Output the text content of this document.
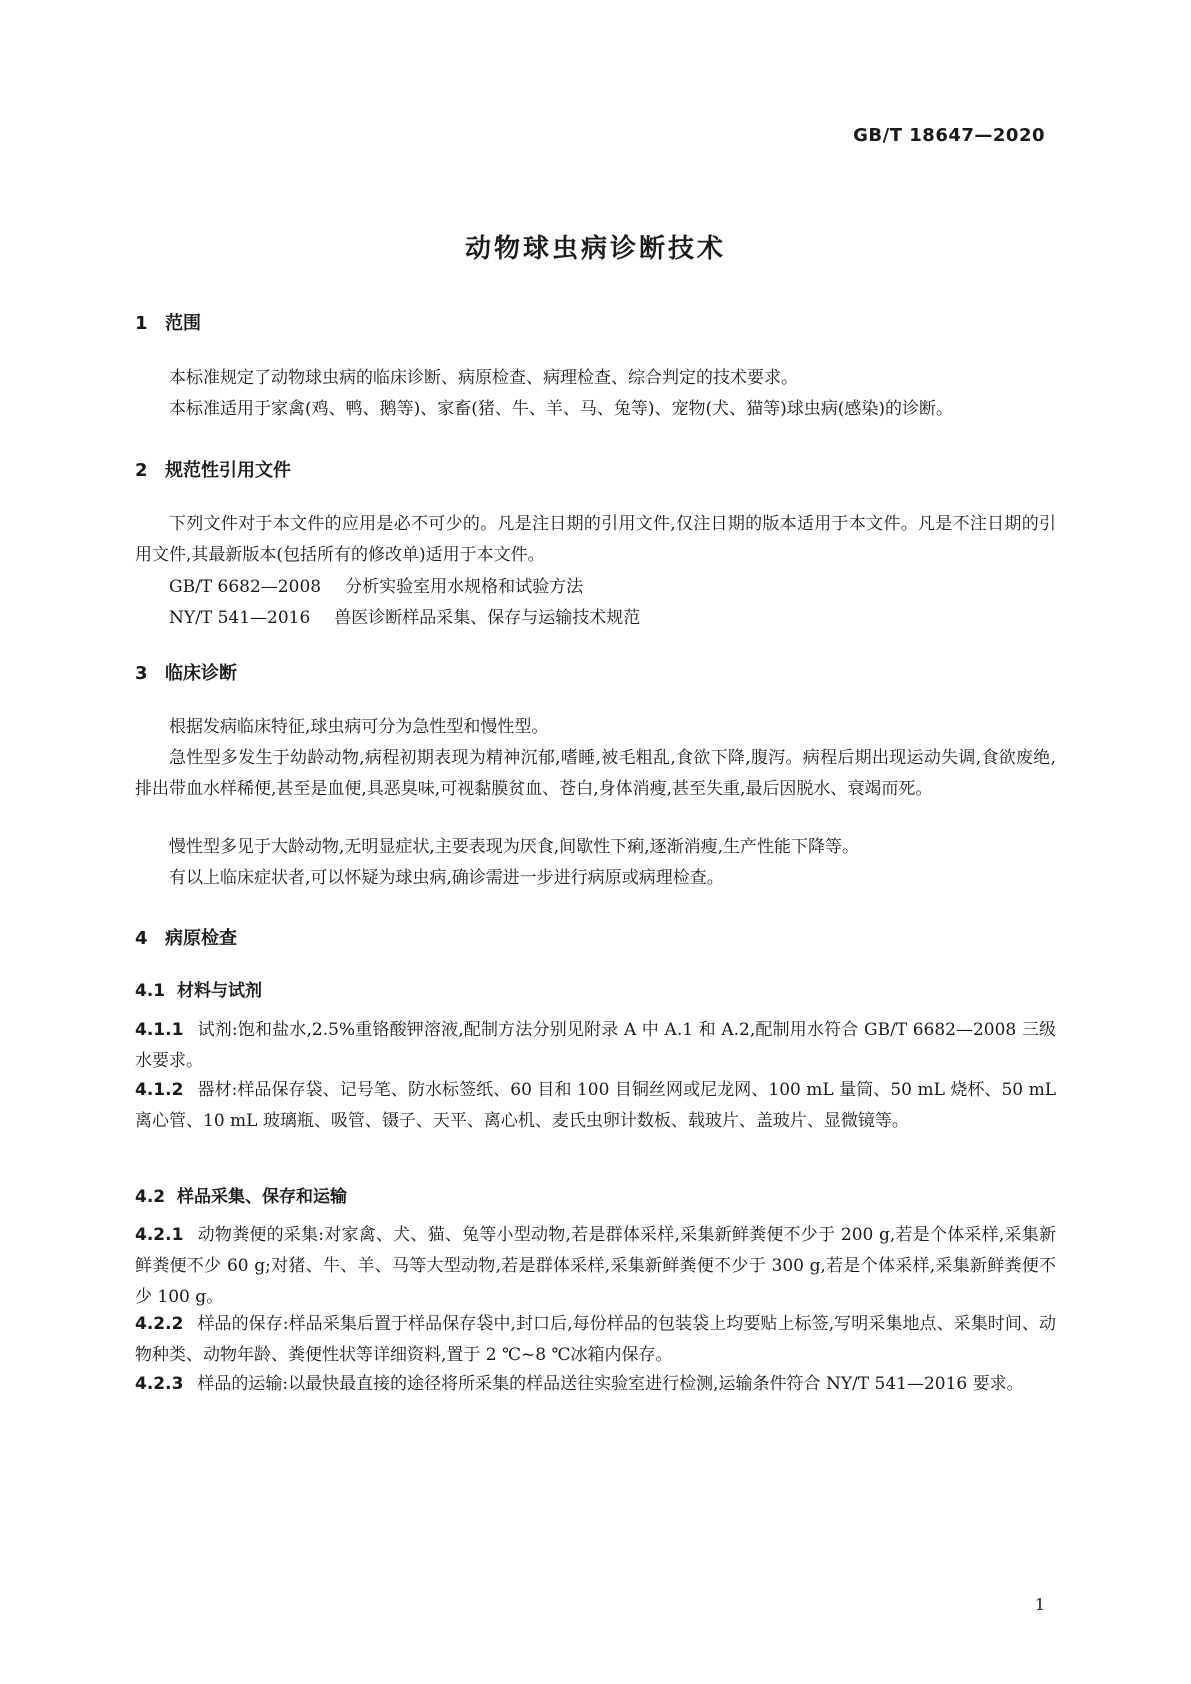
GB/T 18647—2020
动物球虫病诊断技术
1 范围

本标准规定了动物球虫病的临床诊断、病原检查、病理检查、综合判定的技术要求。

本标准适用于家禽(鸡、鸭、鹅等)、家畜(猪、牛、羊、马、兔等)、宠物(犬、猫等)球虫病(感染)的诊断。

2 规范性引用文件

下列文件对于本文件的应用是必不可少的。凡是注日期的引用文件,仅注日期的版本适用于本文件。凡是不注日期的引用文件,其最新版本(包括所有的修改单)适用于本文件。

GB/T 6682—2008 分析实验室用水规格和试验方法
NY/T 541—2016 兽医诊断样品采集、保存与运输技术规范
3 临床诊断

根据发病临床特征,球虫病可分为急性型和慢性型。

急性型多发生于幼龄动物,病程初期表现为精神沉郁,嗜睡,被毛粗乱,食欲下降,腹泻。病程后期出现运动失调,食欲废绝,排出带血水样稀便,甚至是血便,具恶臭味,可视黏膜贫血、苍白,身体消瘦,甚至失重,最后因脱水、衰竭而死。

慢性型多见于大龄动物,无明显症状,主要表现为厌食,间歇性下痢,逐渐消瘦,生产性能下降等。

有以上临床症状者,可以怀疑为球虫病,确诊需进一步进行病原或病理检查。

4 病原检查
4.1 材料与试剂

4.1.1 试剂:饱和盐水,2.5%重铬酸钾溶液,配制方法分别见附录 A 中 A.1 和 A.2,配制用水符合 GB/T 6682—2008 三级水要求。

4.1.2 器材:样品保存袋、记号笔、防水标签纸、60 目和 100 目铜丝网或尼龙网、100 mL 量筒、50 mL 烧杯、50 mL 离心管、10 mL 玻璃瓶、吸管、镊子、天平、离心机、麦氏虫卵计数板、载玻片、盖玻片、显微镜等。

4.2 样品采集、保存和运输

4.2.1 动物粪便的采集:对家禽、犬、猫、兔等小型动物,若是群体采样,采集新鲜粪便不少于 200 g,若是个体采样,采集新鲜粪便不少 60 g;对猪、牛、羊、马等大型动物,若是群体采样,采集新鲜粪便不少于 300 g,若是个体采样,采集新鲜粪便不少 100 g。

4.2.2 样品的保存:样品采集后置于样品保存袋中,封口后,每份样品的包装袋上均要贴上标签,写明采集地点、采集时间、动物种类、动物年龄、粪便性状等详细资料,置于 2 ℃~8 ℃冰箱内保存。

4.2.3 样品的运输:以最快最直接的途径将所采集的样品送往实验室进行检测,运输条件符合 NY/T 541—2016 要求。

1
